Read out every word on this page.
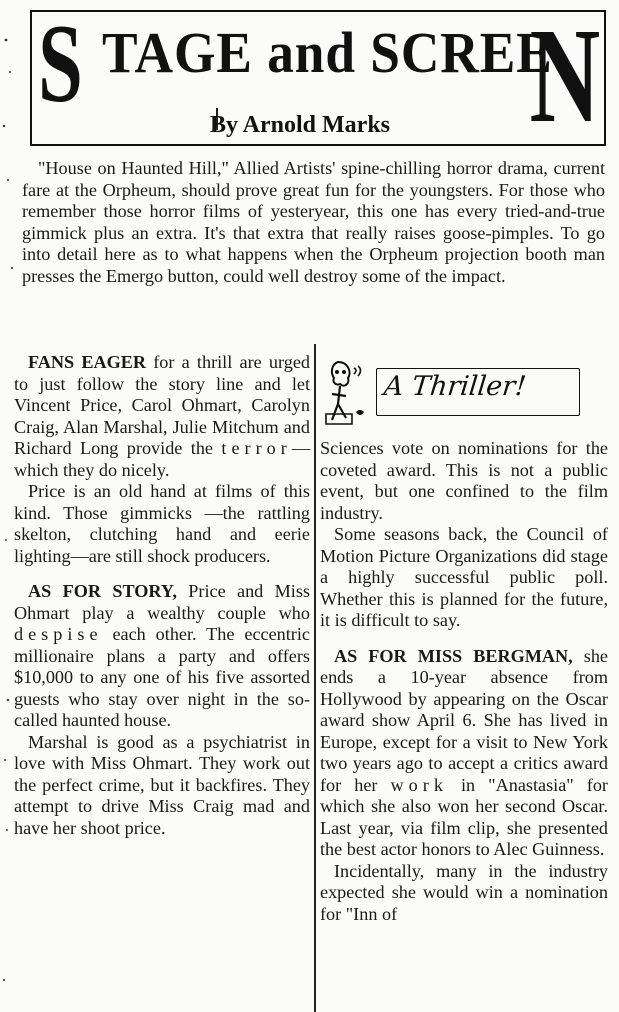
S TAGE and SCREE
N
By Arnold Marks
"House on Haunted Hill," Allied Artists' spine-chilling horror drama, current fare at the Orpheum, should prove great fun for the youngsters. For those who remember those horror films of yesteryear, this one has every tried-and-true gimmick plus an extra. It's that extra that really raises goose-pimples. To go into detail here as to what happens when the Orpheum projection booth man presses the Emergo button, could well destroy some of the impact.

FANS EAGER for a thrill are urged to just follow the story line and let Vincent Price, Carol Ohmart, Carolyn Craig, Alan Marshal, Julie Mitchum and Richard Long provide the terror—which they do nicely.

Price is an old hand at films of this kind. Those gimmicks —the rattling skelton, clutching hand and eerie lighting—are still shock producers.

AS FOR STORY, Price and Miss Ohmart play a wealthy couple who despise each other. The eccentric millionaire plans a party and offers $10,000 to any one of his five assorted guests who stay over night in the so-called haunted house.

Marshal is good as a psychiatrist in love with Miss Ohmart. They work out the perfect crime, but it backfires. They attempt to drive Miss Craig mad and have her shoot price.

A Thriller!

Sciences vote on nominations for the coveted award. This is not a public event, but one confined to the film industry.

Some seasons back, the Council of Motion Picture Organizations did stage a highly successful public poll. Whether this is planned for the future, it is difficult to say.

AS FOR MISS BERGMAN, she ends a 10-year absence from Hollywood by appearing on the Oscar award show April 6. She has lived in Europe, except for a visit to New York two years ago to accept a critics award for her work in "Anastasia" for which she also won her second Oscar. Last year, via film clip, she presented the best actor honors to Alec Guinness.

Incidentally, many in the industry expected she would win a nomination for "Inn of
